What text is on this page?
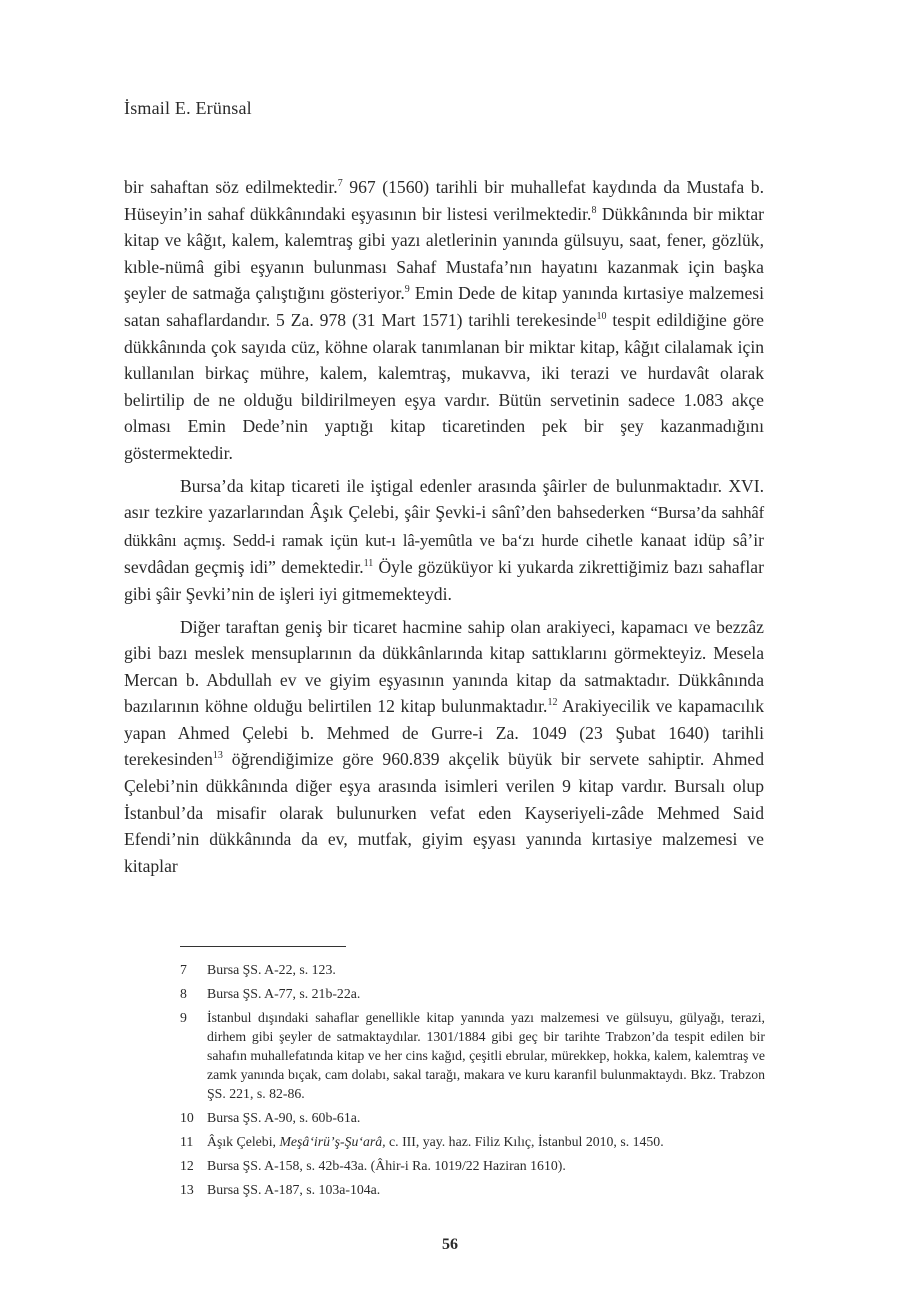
İsmail E. Erünsal

bir sahaftan söz edilmektedir.$^7$ 967 (1560) tarihli bir muhallefat kaydında da Mustafa b. Hüseyin’in sahaf dükkânındaki eşyasının bir listesi verilmektedir.$^8$ Dükkânında bir miktar kitap ve kâğıt, kalem, kalemtraş gibi yazı aletlerinin yanında gülsuyu, saat, fener, gözlük, kıble-nümâ gibi eşyanın bulunması Sahaf Mustafa’nın hayatını kazanmak için başka şeyler de satmağa çalıştığını gösteriyor.$^9$ Emin Dede de kitap yanında kırtasiye malzemesi satan sahaflardandır. 5 Za. 978 (31 Mart 1571) tarihli terekesinde$^{10}$ tespit edildiğine göre dükkânında çok sayıda cüz, köhne olarak tanımlanan bir miktar kitap, kâğıt cilalamak için kullanılan birkaç mühre, kalem, kalemtraş, mukavva, iki terazi ve hurdavât olarak belirtilip de ne olduğu bildirilmeyen eşya vardır. Bütün servetinin sadece 1.083 akçe olması Emin Dede’nin yaptığı kitap ticaretinden pek bir şey kazanmadığını göstermektedir.

Bursa’da kitap ticareti ile iştigal edenler arasında şâirler de bulunmaktadır. XVI. asır tezkire yazarlarından Âşık Çelebi, şâir Şevki-i sânî’den bahsederken “Bursa’da sahhâf dükkânı açmış. Sedd-i ramak içün kut-ı lâ-yemûtla ve ba‘zı hurde cihetle kanaat idüp sâ’ir sevdâdan geçmiş idi” demektedir.$^{11}$ Öyle gözüküyor ki yukarda zikrettiğimiz bazı sahaflar gibi şâir Şevki’nin de işleri iyi gitmemekteydi.

Diğer taraftan geniş bir ticaret hacmine sahip olan arakiyeci, kapamacı ve bezzâz gibi bazı meslek mensuplarının da dükkânlarında kitap sattıklarını görmekteyiz. Mesela Mercan b. Abdullah ev ve giyim eşyasının yanında kitap da satmaktadır. Dükkânında bazılarının köhne olduğu belirtilen 12 kitap bulunmaktadır.$^{12}$ Arakiyecilik ve kapamacılık yapan Ahmed Çelebi b. Mehmed de Gurre-i Za. 1049 (23 Şubat 1640) tarihli terekesinden$^{13}$ öğrendiğimize göre 960.839 akçelik büyük bir servete sahiptir. Ahmed Çelebi’nin dükkânında diğer eşya arasında isimleri verilen 9 kitap vardır. Bursalı olup İstanbul’da misafir olarak bulunurken vefat eden Kayseriyeli-zâde Mehmed Said Efendi’nin dükkânında da ev, mutfak, giyim eşyası yanında kırtasiye malzemesi ve kitaplar

7	Bursa ŞS. A-22, s. 123.
8	Bursa ŞS. A-77, s. 21b-22a.
9	İstanbul dışındaki sahaflar genellikle kitap yanında yazı malzemesi ve gülsuyu, gülyağı, terazi, dirhem gibi şeyler de satmaktaydılar. 1301/1884 gibi geç bir tarihte Trabzon’da tespit edilen bir sahafın muhallefatında kitap ve her cins kağıd, çeşitli ebrular, mürekkep, hokka, kalem, kalemtraş ve zamk yanında bıçak, cam dolabı, sakal tarağı, makara ve kuru karanfil bulunmaktaydı. Bkz. Trabzon ŞS. 221, s. 82-86.
10 Bursa ŞS. A-90, s. 60b-61a.
11 Âşık Çelebi, Meşâ‘irü’ş-Şu‘arâ, c. III, yay. haz. Filiz Kılıç, İstanbul 2010, s. 1450.
12 Bursa ŞS. A-158, s. 42b-43a. (Âhir-i Ra. 1019/22 Haziran 1610).
13 Bursa ŞS. A-187, s. 103a-104a.
56
